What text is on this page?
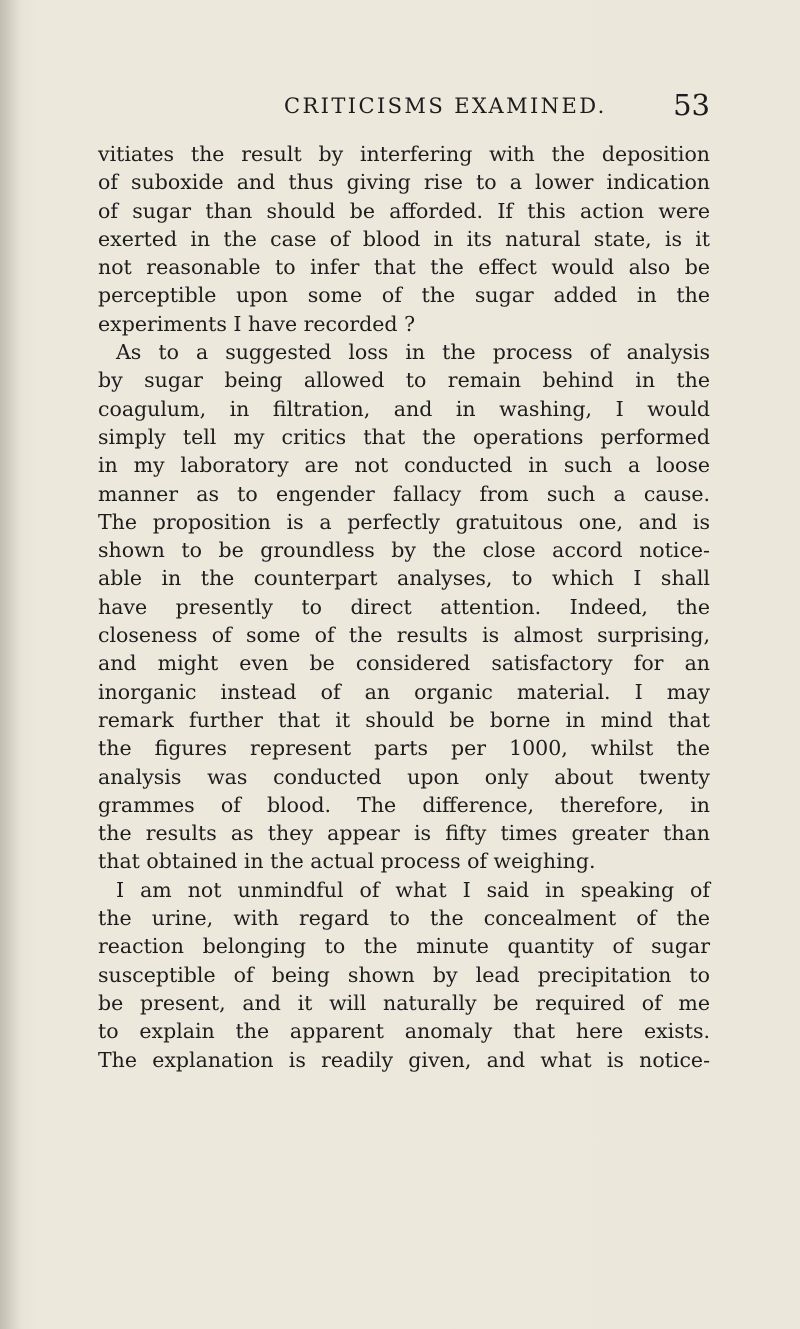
CRITICISMS EXAMINED. 53
vitiates the result by interfering with the deposition
of suboxide and thus giving rise to a lower indication
of sugar than should be afforded. If this action were
exerted in the case of blood in its natural state, is it
not reasonable to infer that the effect would also be
perceptible upon some of the sugar added in the
experiments I have recorded ?
As to a suggested loss in the process of analysis
by sugar being allowed to remain behind in the
coagulum, in filtration, and in washing, I would
simply tell my critics that the operations performed
in my laboratory are not conducted in such a loose
manner as to engender fallacy from such a cause.
The proposition is a perfectly gratuitous one, and is
shown to be groundless by the close accord notice-
able in the counterpart analyses, to which I shall
have presently to direct attention. Indeed, the
closeness of some of the results is almost surprising,
and might even be considered satisfactory for an
inorganic instead of an organic material. I may
remark further that it should be borne in mind that
the figures represent parts per 1000, whilst the
analysis was conducted upon only about twenty
grammes of blood. The difference, therefore, in
the results as they appear is fifty times greater than
that obtained in the actual process of weighing.
I am not unmindful of what I said in speaking of
the urine, with regard to the concealment of the
reaction belonging to the minute quantity of sugar
susceptible of being shown by lead precipitation to
be present, and it will naturally be required of me
to explain the apparent anomaly that here exists.
The explanation is readily given, and what is notice-
